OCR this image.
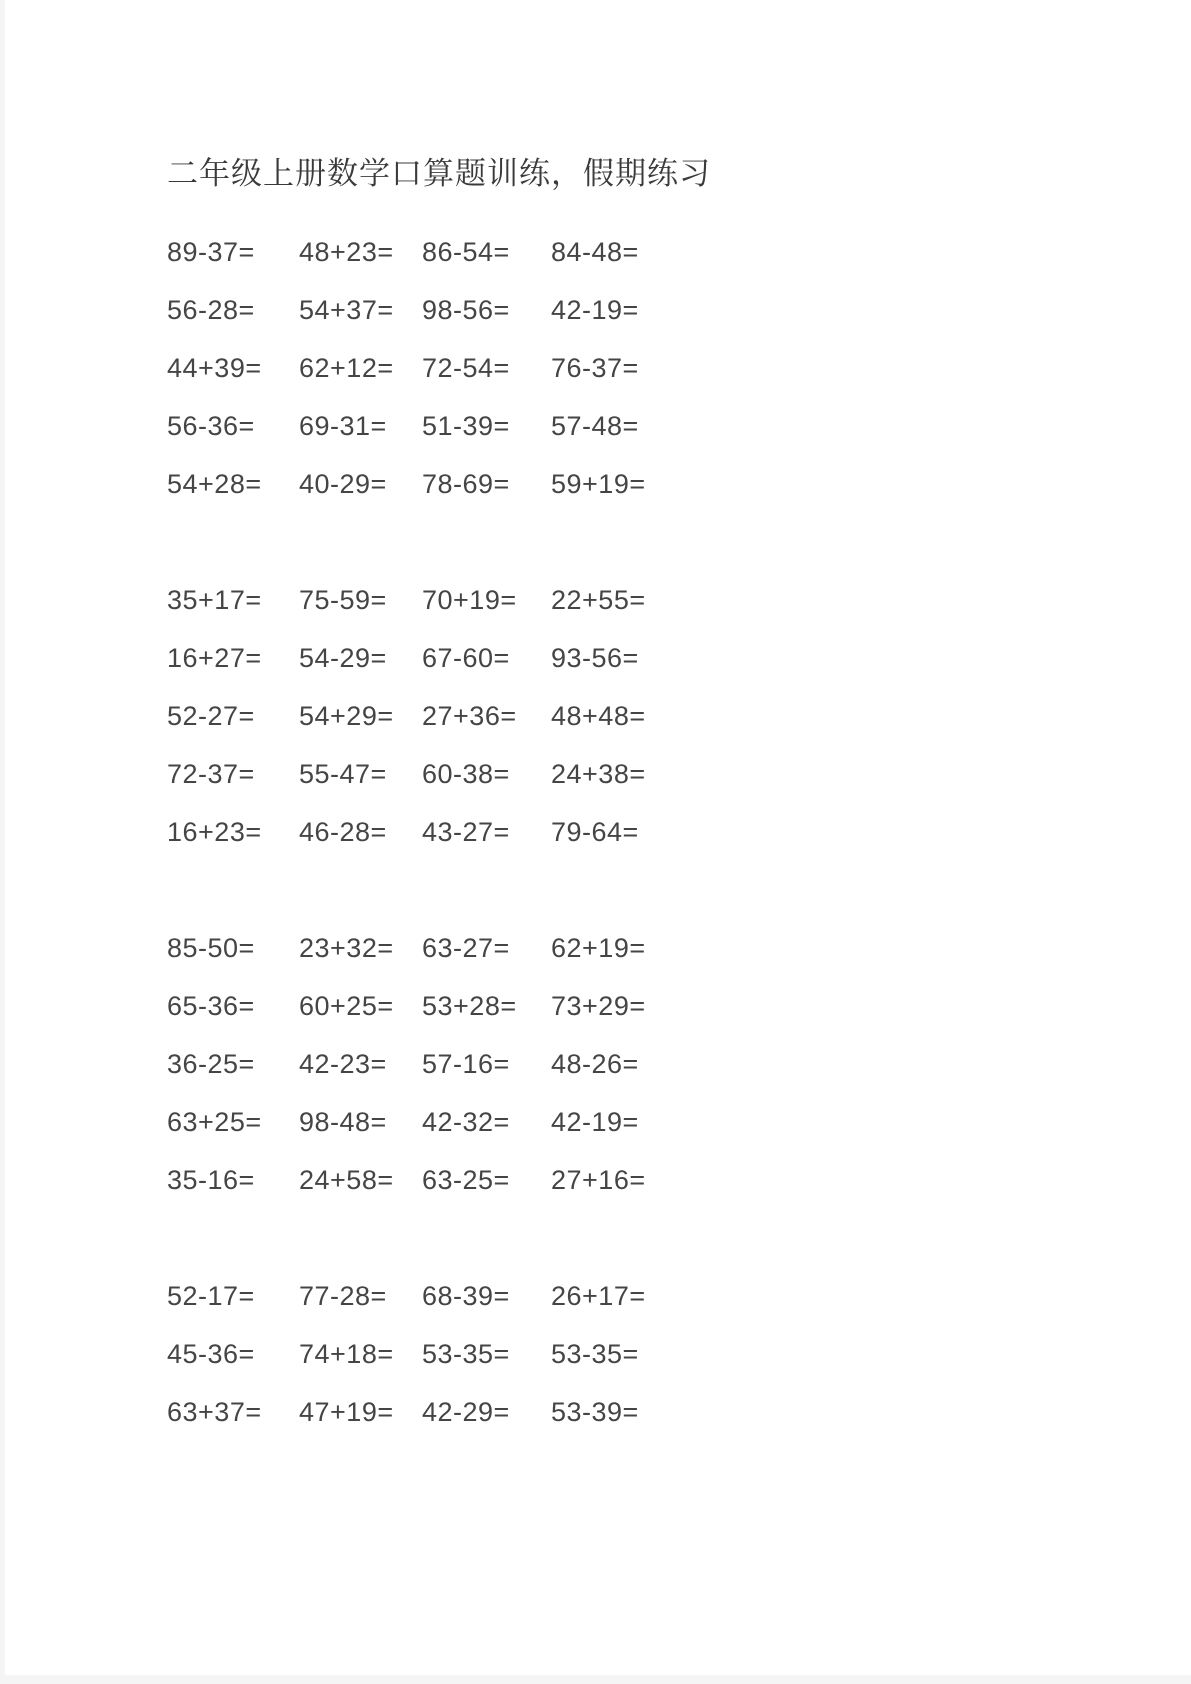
二年级上册数学口算题训练，假期练习
89-37=	48+23=	86-54=	84-48=
56-28=	54+37=	98-56=	42-19=
44+39=	62+12=	72-54=	76-37=
56-36=	69-31=	51-39=	57-48=
54+28=	40-29=	78-69=	59+19=
35+17=	75-59=	70+19=	22+55=
16+27=	54-29=	67-60=	93-56=
52-27=	54+29=	27+36=	48+48=
72-37=	55-47=	60-38=	24+38=
16+23=	46-28=	43-27=	79-64=
85-50=	23+32=	63-27=	62+19=
65-36=	60+25=	53+28=	73+29=
36-25=	42-23=	57-16=	48-26=
63+25=	98-48=	42-32=	42-19=
35-16=	24+58=	63-25=	27+16=
52-17=	77-28=	68-39=	26+17=
45-36=	74+18=	53-35=	53-35=
63+37=	47+19=	42-29=	53-39=
